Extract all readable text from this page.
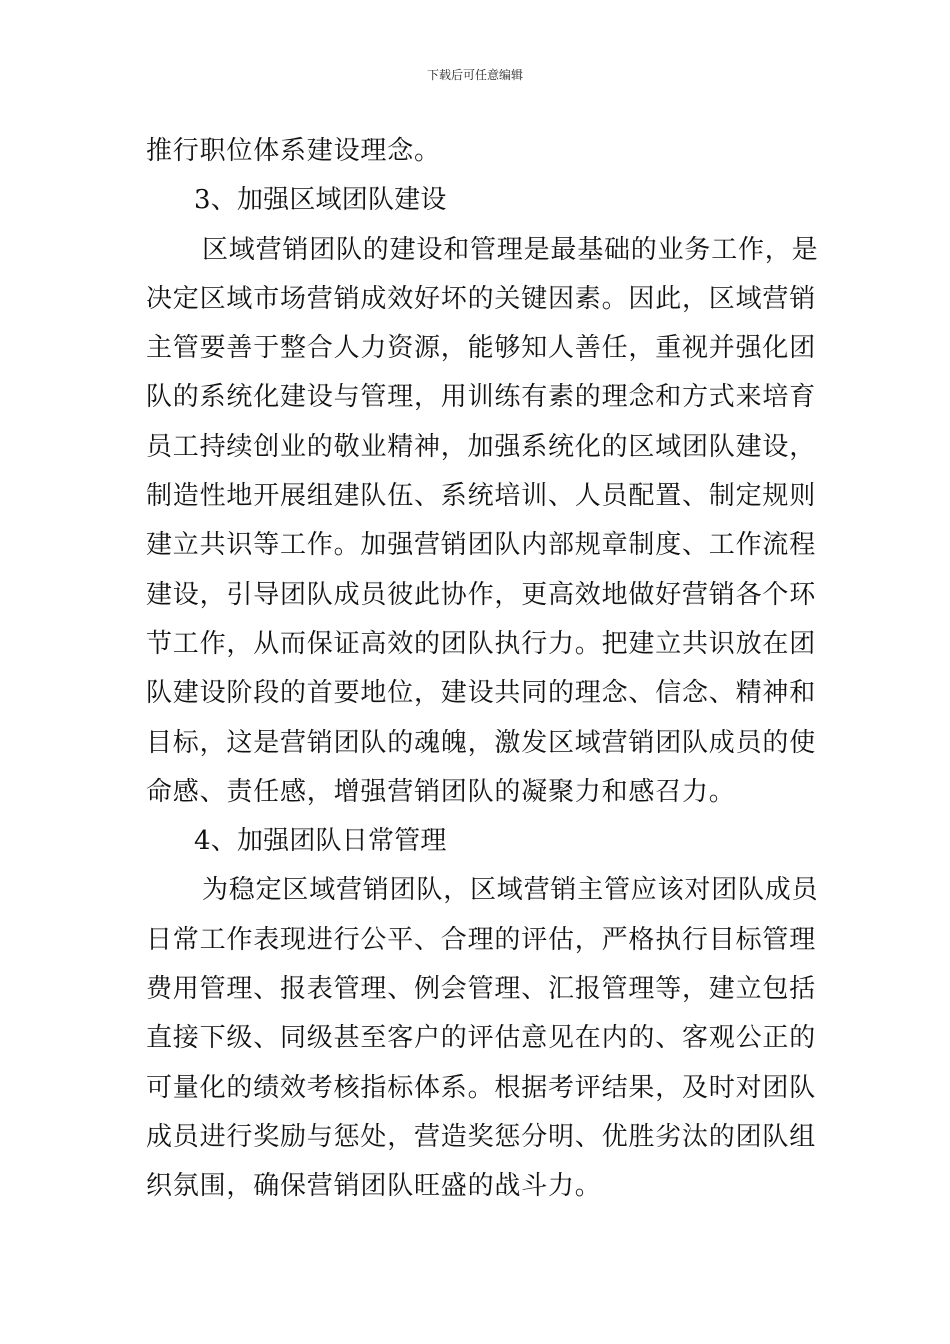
下载后可任意编辑
推行职位体系建设理念。
3、加强区域团队建设
区域营销团队的建设和管理是最基础的业务工作，是
决定区域市场营销成效好坏的关键因素。因此，区域营销
主管要善于整合人力资源，能够知人善任，重视并强化团
队的系统化建设与管理，用训练有素的理念和方式来培育
员工持续创业的敬业精神，加强系统化的区域团队建设，
制造性地开展组建队伍、系统培训、人员配置、制定规则
建立共识等工作。加强营销团队内部规章制度、工作流程
建设，引导团队成员彼此协作，更高效地做好营销各个环
节工作，从而保证高效的团队执行力。把建立共识放在团
队建设阶段的首要地位，建设共同的理念、信念、精神和
目标，这是营销团队的魂魄，激发区域营销团队成员的使
命感、责任感，增强营销团队的凝聚力和感召力。
4、加强团队日常管理
为稳定区域营销团队，区域营销主管应该对团队成员
日常工作表现进行公平、合理的评估，严格执行目标管理
费用管理、报表管理、例会管理、汇报管理等，建立包括
直接下级、同级甚至客户的评估意见在内的、客观公正的
可量化的绩效考核指标体系。根据考评结果，及时对团队
成员进行奖励与惩处，营造奖惩分明、优胜劣汰的团队组
织氛围，确保营销团队旺盛的战斗力。
